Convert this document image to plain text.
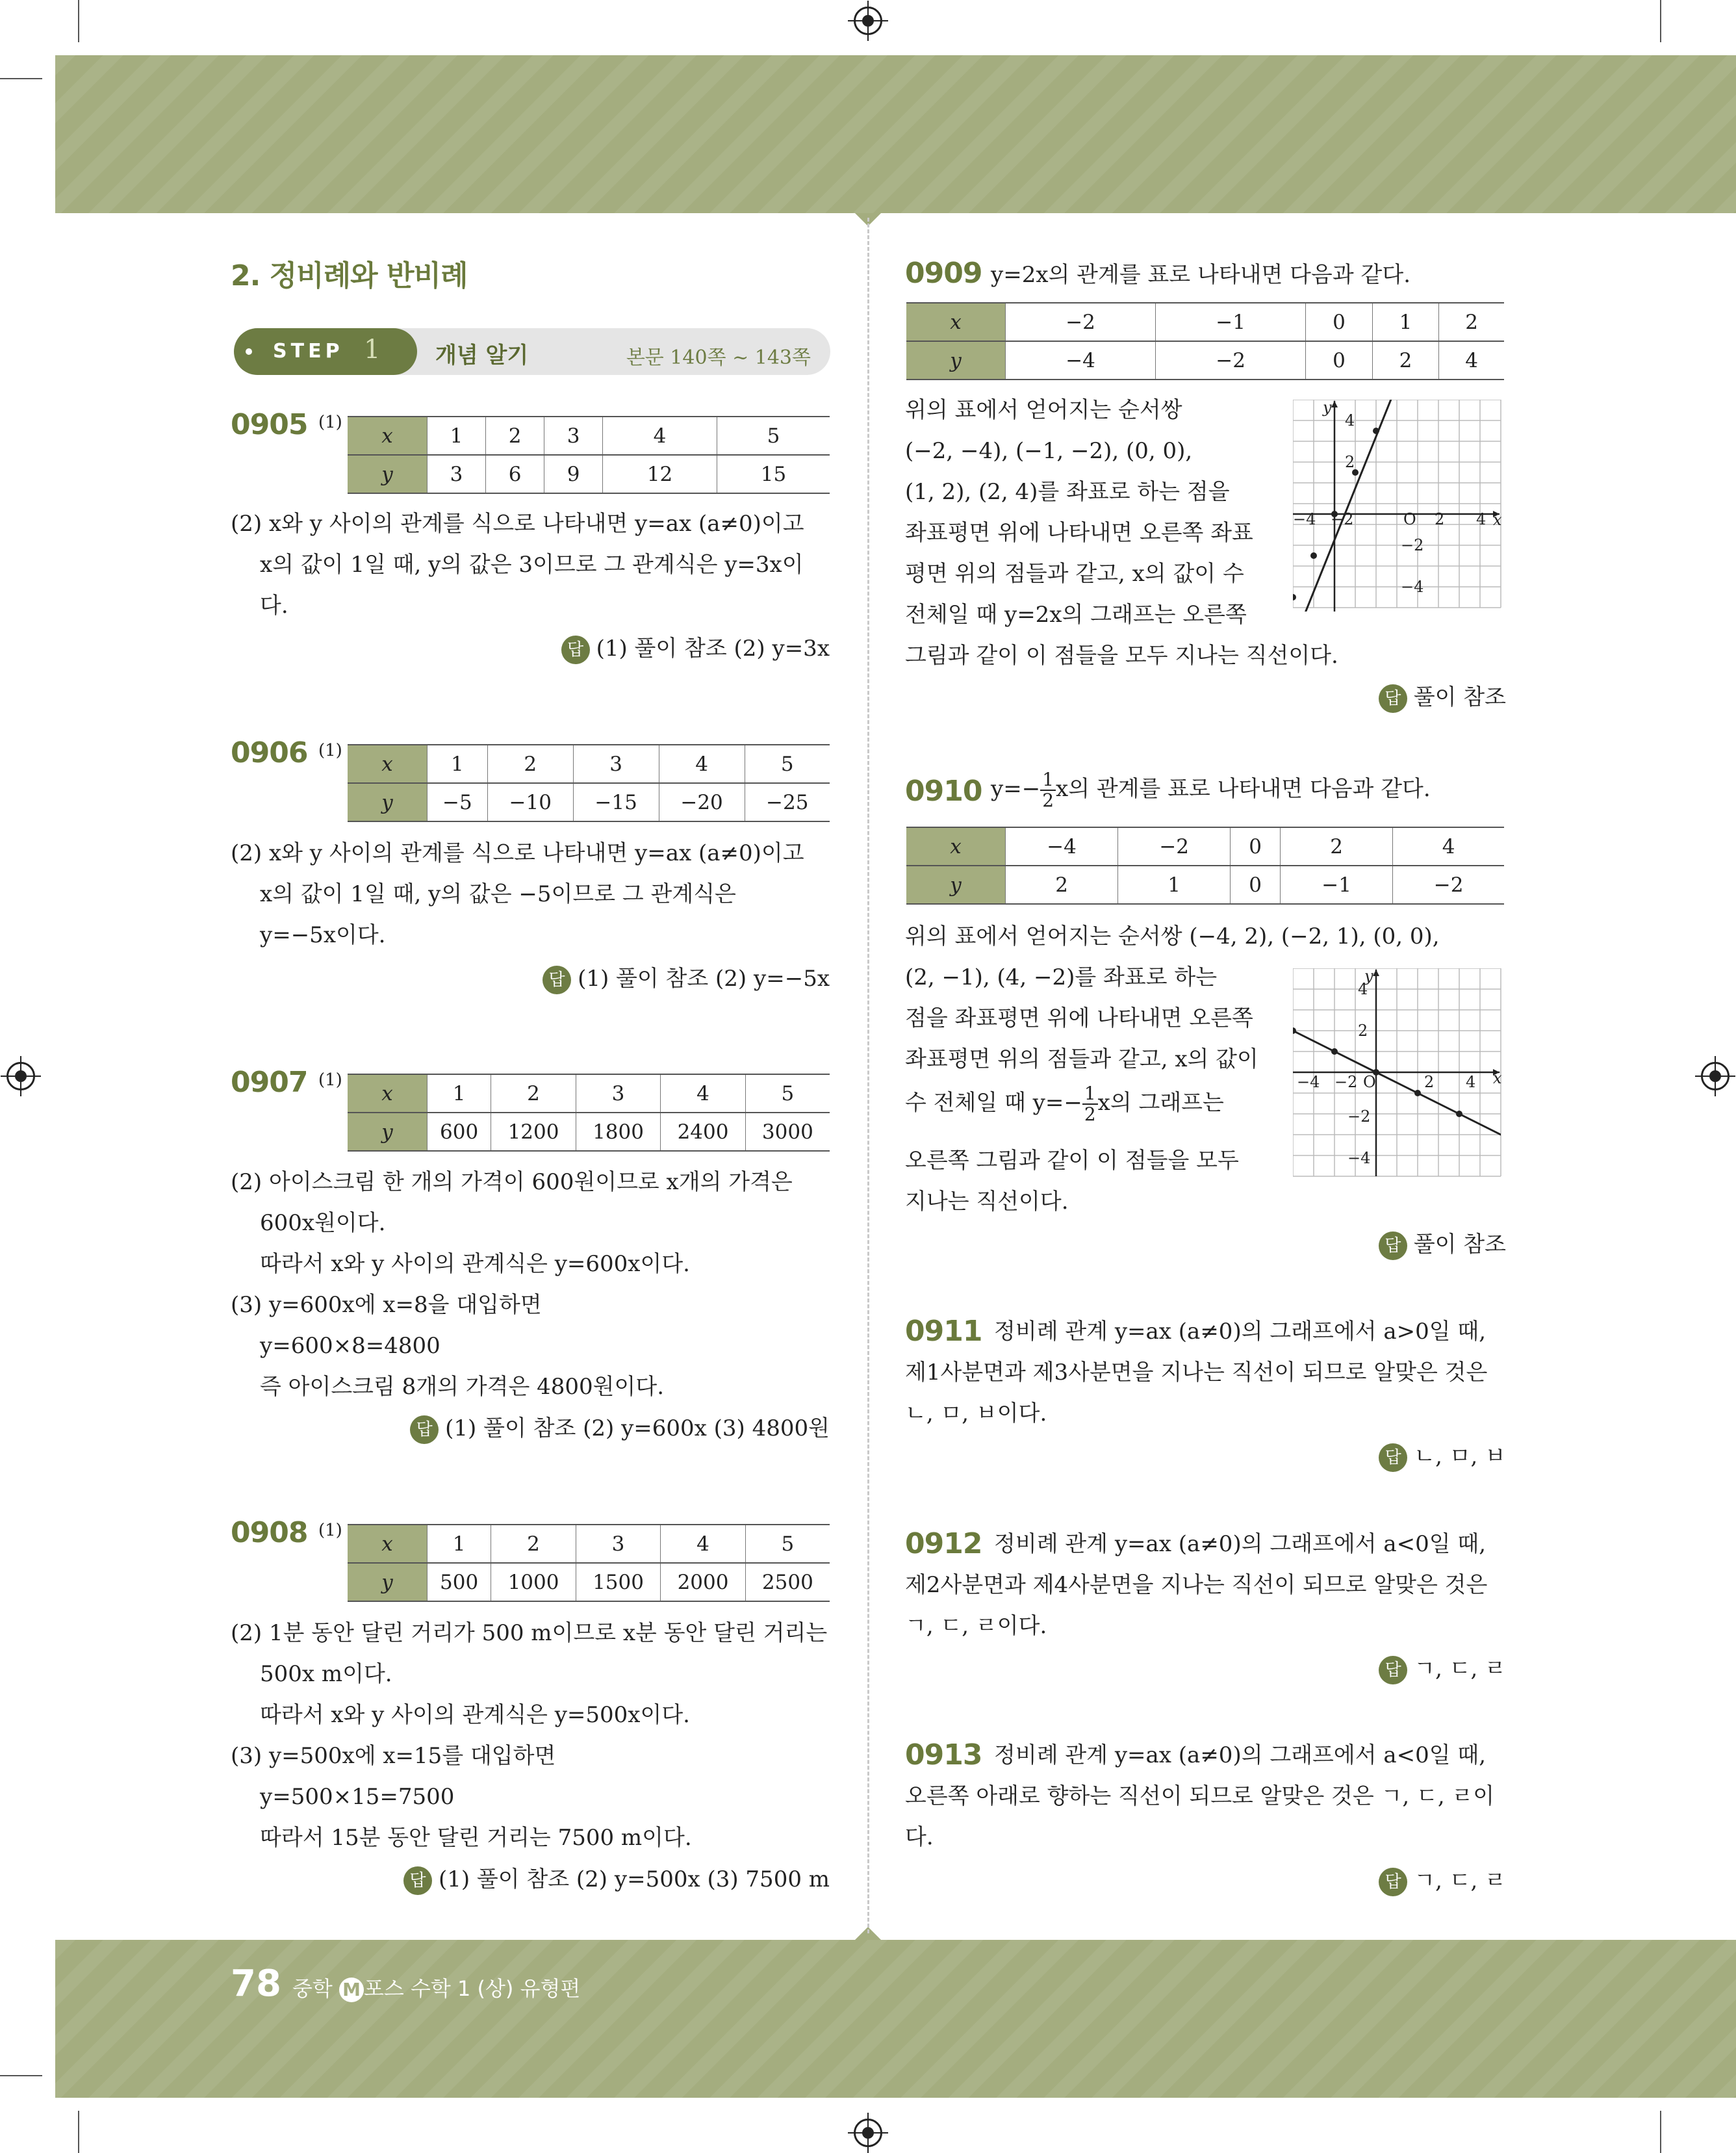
2. 정비례와 반비례
STEP 1 개념 알기	본문 140쪽 ~ 143쪽
0905 (1)
x	1	2	3	4	5
y	3	6	9	12	15
(2) x와 y 사이의 관계를 식으로 나타내면 y=ax (a≠0)이고
x의 값이 1일 때, y의 값은 3이므로 그 관계식은 y=3x이
다.
답 (1) 풀이 참조 (2) y=3x
0906 (1)
x	1	2	3	4	5
y	−5	−10	−15	−20	−25
(2) x와 y 사이의 관계를 식으로 나타내면 y=ax (a≠0)이고
x의 값이 1일 때, y의 값은 −5이므로 그 관계식은
y=−5x이다.
답 (1) 풀이 참조 (2) y=−5x
0907 (1)
x	1	2	3	4	5
y	600	1200	1800	2400	3000
(2) 아이스크림 한 개의 가격이 600원이므로 x개의 가격은
600x원이다.
따라서 x와 y 사이의 관계식은 y=600x이다.
(3) y=600x에 x=8을 대입하면
y=600×8=4800
즉 아이스크림 8개의 가격은 4800원이다.
답 (1) 풀이 참조 (2) y=600x (3) 4800원
0908 (1)
x	1	2	3	4	5
y	500	1000	1500	2000	2500
(2) 1분 동안 달린 거리가 500 m이므로 x분 동안 달린 거리는
500x m이다.
따라서 x와 y 사이의 관계식은 y=500x이다.
(3) y=500x에 x=15를 대입하면
y=500×15=7500
따라서 15분 동안 달린 거리는 7500 m이다.
답 (1) 풀이 참조 (2) y=500x (3) 7500 m
0909 y=2x의 관계를 표로 나타내면 다음과 같다.
x	−2	−1	0	1	2
y	−4	−2	0	2	4
위의 표에서 얻어지는 순서쌍
(−2, −4), (−1, −2), (0, 0),
(1, 2), (2, 4)를 좌표로 하는 점을
좌표평면 위에 나타내면 오른쪽 좌표
평면 위의 점들과 같고, x의 값이 수
전체일 때 y=2x의 그래프는 오른쪽
그림과 같이 이 점들을 모두 지나는 직선이다.
−4 −2	2 4
4
2
−2
−4
O	x
y
답 풀이 참조
0910 $y=- \frac{1}{2}$ x의 관계를 표로 나타내면 다음과 같다.
x	−4	−2	0	2	4
y	2	1	0	−1	−2
위의 표에서 얻어지는 순서쌍 (−4, 2), (−2, 1), (0, 0),
(2, −1), (4, −2)를 좌표로 하는
점을 좌표평면 위에 나타내면 오른쪽
좌표평면 위의 점들과 같고, x의 값이
수 전체일 때 $y=- \frac{1}{2}$ x의 그래프는
오른쪽 그림과 같이 이 점들을 모두
지나는 직선이다.
−4 −2	2 4
4
2
−2
−4
O	x
y
답 풀이 참조
0911 정비례 관계 y=ax (a≠0)의 그래프에서 a>0일 때,
제1사분면과 제3사분면을 지나는 직선이 되므로 알맞은 것은
ㄴ, ㅁ, ㅂ이다.
답 ㄴ, ㅁ, ㅂ
0912 정비례 관계 y=ax (a≠0)의 그래프에서 a<0일 때,
제2사분면과 제4사분면을 지나는 직선이 되므로 알맞은 것은
ㄱ, ㄷ, ㄹ이다.
답 ㄱ, ㄷ, ㄹ
0913 정비례 관계 y=ax (a≠0)의 그래프에서 a<0일 때,
오른쪽 아래로 향하는 직선이 되므로 알맞은 것은 ㄱ, ㄷ, ㄹ이
다.
답 ㄱ, ㄷ, ㄹ
78 중학 M 포스 수학 1 (상) 유형편
